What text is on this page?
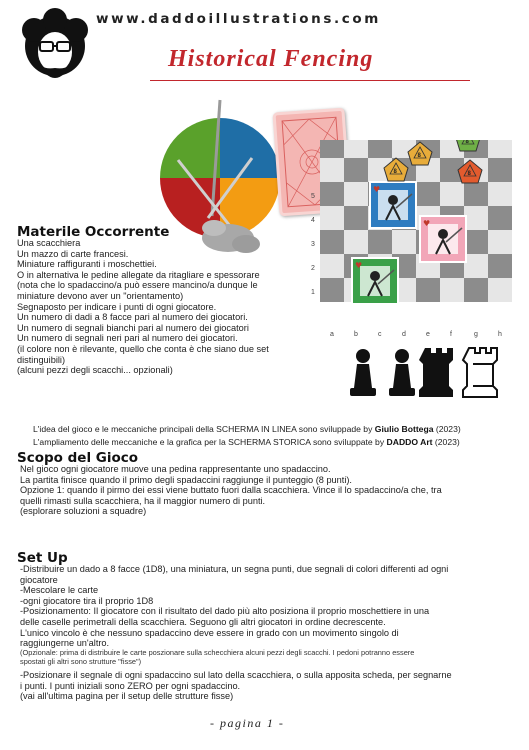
www.daddoillustrations.com
Historical Fencing
5
4
3
2
1
a	b	c	d	e	f	g	h
♥
♥
♥
8
8
8	8
Materile Occorrente
Una scacchiera
Un mazzo di carte francesi.
Miniature raffiguranti i moschettiei.
O in alternativa le pedine allegate da ritagliare e spessorare
(nota che lo spadaccino/a può essere mancino/a dunque le
miniature devono aver un "orientamento)
Segnaposto per indicare i punti di ogni giocatore.
Un numero di dadi a 8 facce pari al numero dei giocatori.
Un numero di segnali bianchi pari al numero dei giocatori
Un numero di segnali neri pari al numero dei giocatori.
(il colore non è rilevante, quello che conta è che siano due set
distinguibili)
(alcuni pezzi degli scacchi... opzionali)
L'idea del gioco e le meccaniche principali della SCHERMA IN LINEA sono sviluppade by Giulio Bottega (2023)
L'ampliamento delle meccaniche e la grafica per la SCHERMA STORICA sono sviluppate by DADDO Art (2023)
Scopo del Gioco
Nel gioco ogni giocatore muove una pedina rappresentante uno spadaccino.
La partita finisce quando il primo degli spadaccini raggiunge il punteggio (8 punti).
Opzione 1: quando il pirmo dei essi viene buttato fuori dalla scacchiera. Vince il lo spadaccino/a che, tra
quelli rimasti sulla scacchiera, ha il maggior numero di punti.
(esplorare soluzioni a squadre)
Set Up
-Distribuire un dado a 8 facce (1D8), una miniatura, un segna punti, due segnali di colori differenti ad ogni
giocatore
-Mescolare le carte
-ogni giocatore tira il proprio 1D8
-Posizionamento: Il giocatore con il risultato del dado più alto posiziona il proprio moschettiere in una
delle caselle perimetrali della scacchiera. Seguono gli altri giocatori in ordine decrescente.
L'unico vincolo è che nessuno spadaccino deve essere in grado con un movimento singolo di
raggiungerne un'altro.
(Opzionale: prima di distribuire le carte poszionare sulla schecchiera alcuni pezzi degli scacchi. I pedoni potranno essere
spostati gli altri sono strutture "fisse")
-Posizionare il segnale di ogni spadaccino sul lato della scacchiera, o sulla apposita scheda, per segnarne
i punti. I punti iniziali sono ZERO per ogni spadaccino.
(vai all'ultima pagina per il setup delle strutture fisse)
- pagina 1 -
